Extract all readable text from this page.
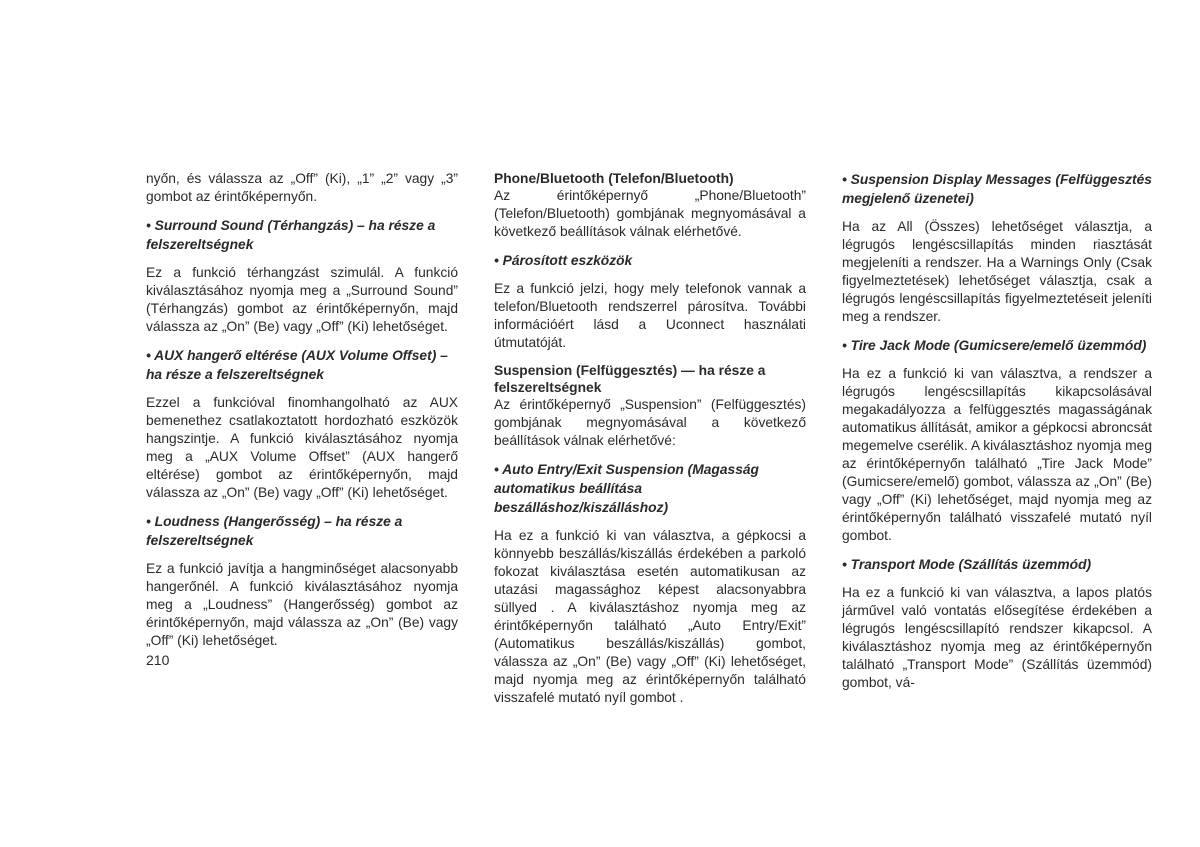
nyőn, és válassza az „Off” (Ki), „1” „2” vagy „3” gombot az érintőképernyőn.

• Surround Sound (Térhangzás) – ha része a felszereltségnek

Ez a funkció térhangzást szimulál. A funkció kiválasztásához nyomja meg a „Surround Sound” (Térhangzás) gombot az érintőképernyőn, majd válassza az „On” (Be) vagy „Off” (Ki) lehetőséget.

• AUX hangerő eltérése (AUX Volume Offset) – ha része a felszereltségnek

Ezzel a funkcióval finomhangolható az AUX bemenethez csatlakoztatott hordozható eszközök hangszintje. A funkció kiválasztásához nyomja meg a „AUX Volume Offset” (AUX hangerő eltérése) gombot az érintőképernyőn, majd válassza az „On” (Be) vagy „Off” (Ki) lehetőséget.

• Loudness (Hangerősség) – ha része a felszereltségnek

Ez a funkció javítja a hangminőséget alacsonyabb hangerőnél. A funkció kiválasztásához nyomja meg a „Loudness” (Hangerősség) gombot az érintőképernyőn, majd válassza az „On” (Be) vagy „Off” (Ki) lehetőséget.

Phone/Bluetooth (Telefon/Bluetooth)

Az érintőképernyő „Phone/Bluetooth” (Telefon/Bluetooth) gombjának megnyomásával a következő beállítások válnak elérhetővé.

• Párosított eszközök

Ez a funkció jelzi, hogy mely telefonok vannak a telefon/Bluetooth rendszerrel párosítva. További információért lásd a Uconnect használati útmutatóját.

Suspension (Felfüggesztés) — ha része a felszereltségnek

Az érintőképernyő „Suspension” (Felfüggesztés) gombjának megnyomásával a következő beállítások válnak elérhetővé:

• Auto Entry/Exit Suspension (Magasság automatikus beállítása beszálláshoz/kiszálláshoz)

Ha ez a funkció ki van választva, a gépkocsi a könnyebb beszállás/kiszállás érdekében a parkoló fokozat kiválasztása esetén automatikusan az utazási magassághoz képest alacsonyabbra süllyed . A kiválasztáshoz nyomja meg az érintőképernyőn található „Auto Entry/Exit” (Automatikus beszállás/kiszállás) gombot, válassza az „On” (Be) vagy „Off” (Ki) lehetőséget, majd nyomja meg az érintőképernyőn található visszafelé mutató nyíl gombot .

• Suspension Display Messages (Felfüggesztés megjelenő üzenetei)

Ha az All (Összes) lehetőséget választja, a légrugós lengéscsillapítás minden riasztását megjeleníti a rendszer. Ha a Warnings Only (Csak figyelmeztetések) lehetőséget választja, csak a légrugós lengéscsillapítás figyelmeztetéseit jeleníti meg a rendszer.

• Tire Jack Mode (Gumicsere/emelő üzemmód)

Ha ez a funkció ki van választva, a rendszer a légrugós lengéscsillapítás kikapcsolásával megakadályozza a felfüggesztés magasságának automatikus állítását, amikor a gépkocsi abroncsát megemelve cserélik. A kiválasztáshoz nyomja meg az érintőképernyőn található „Tire Jack Mode” (Gumicsere/emelő) gombot, válassza az „On” (Be) vagy „Off” (Ki) lehetőséget, majd nyomja meg az érintőképernyőn található visszafelé mutató nyíl gombot.

• Transport Mode (Szállítás üzemmód)

Ha ez a funkció ki van választva, a lapos platós járművel való vontatás elősegítése érdekében a légrugós lengéscsillapító rendszer kikapcsol. A kiválasztáshoz nyomja meg az érintőképernyőn található „Transport Mode” (Szállítás üzemmód) gombot, vá-

210
